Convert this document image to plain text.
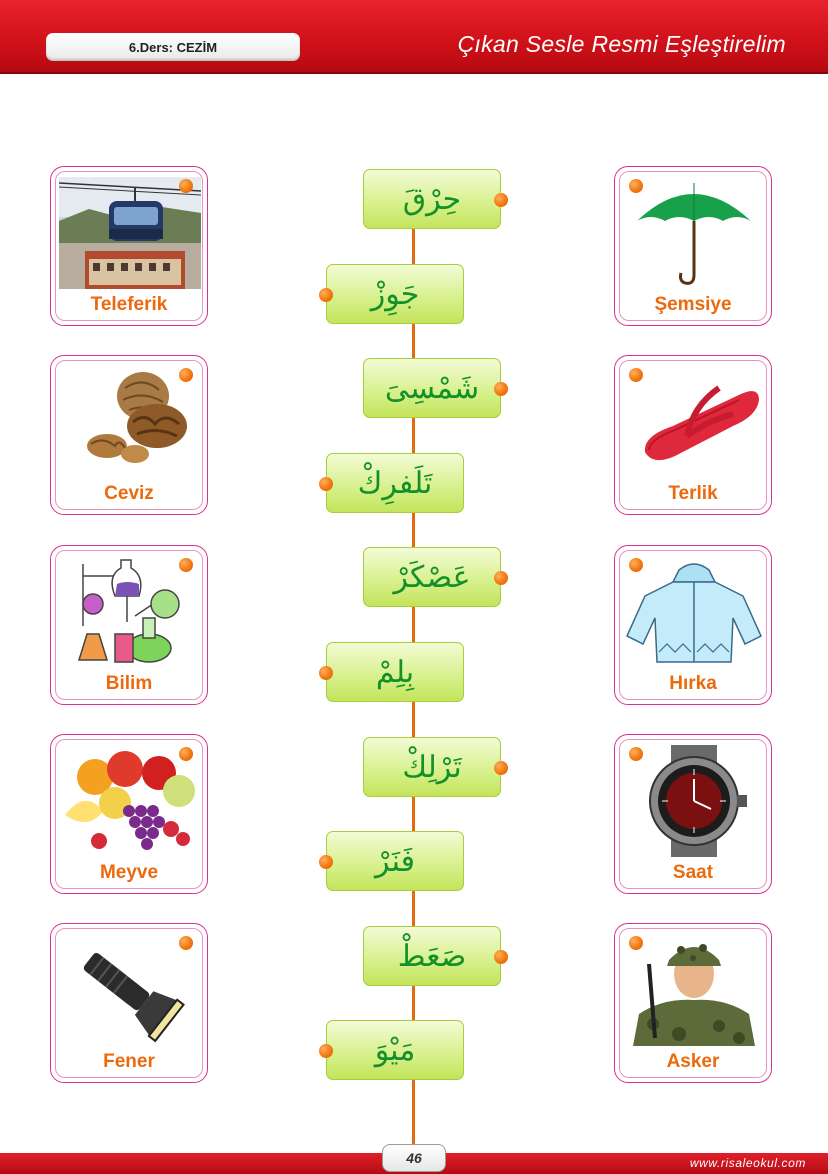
6.Ders: CEZİM	Çıkan Sesle Resmi Eşleştirelim
Teleferik
Ceviz
Bilim
Meyve
Fener
Şemsiye
Terlik
Hırka
Saat
Asker
حِرْقَ
جَوِزْ
شَمْسِىَ
تَلَفرِكْ
عَصْكَرْ
بِلِمْ
تَرْلِكْ
فَنَرْ
صَعَطْ
مَيْوَ
46	www.risaleokul.com
